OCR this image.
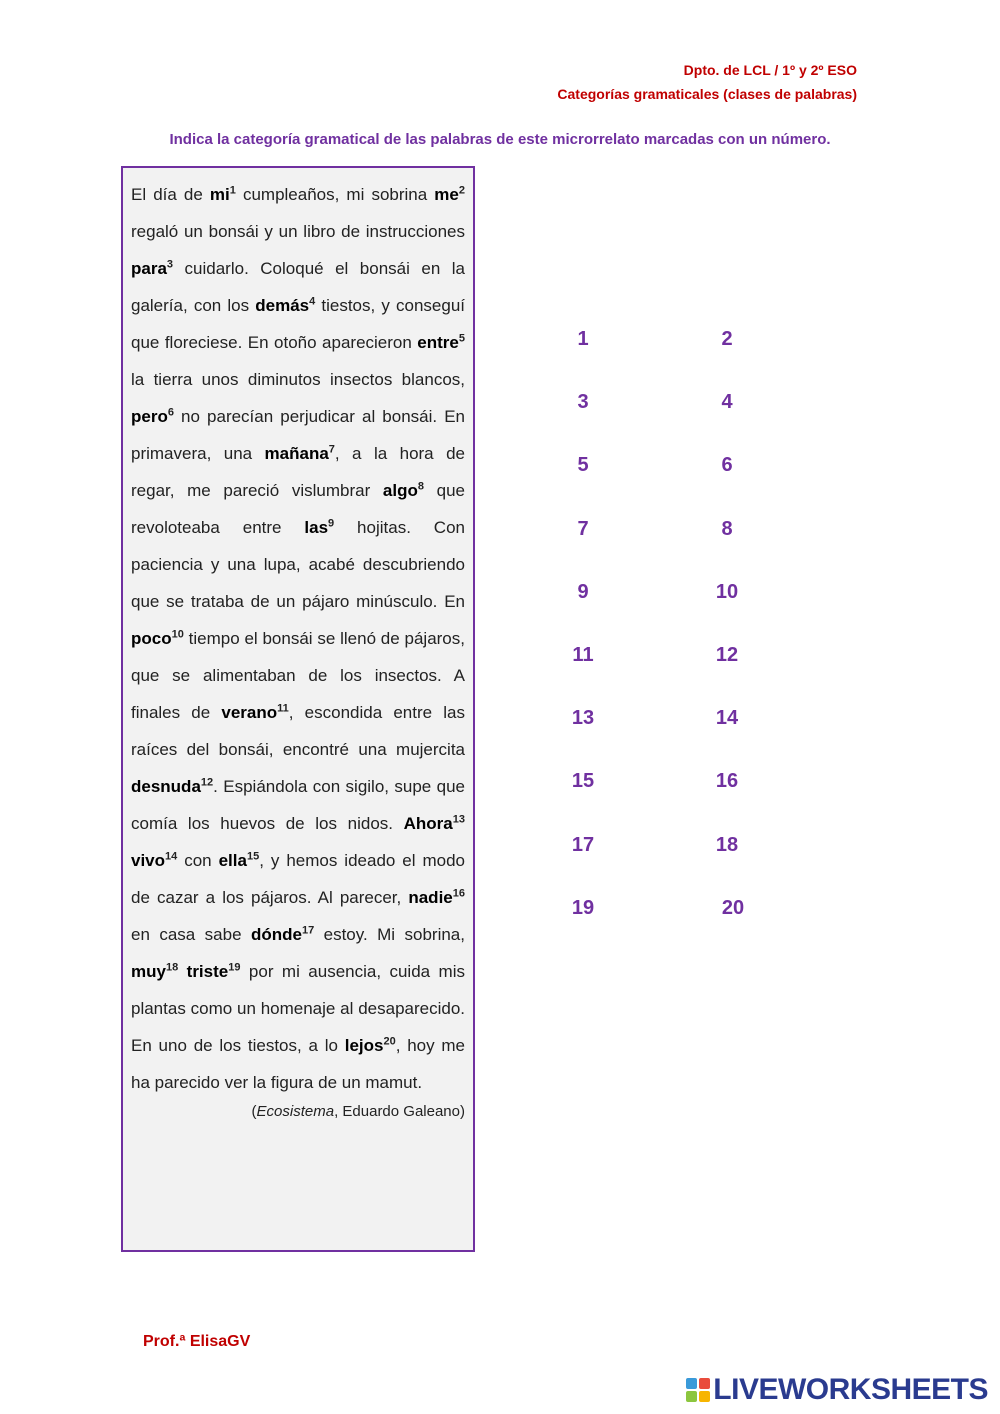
Dpto. de LCL / 1º y 2º ESO
Categorías gramaticales (clases de palabras)
Indica la categoría gramatical de las palabras de este microrrelato marcadas con un número.

El día de $mi^1$ cumpleaños, mi sobrina $me^2$ regaló un bonsái y un libro de instrucciones para$^3$ cuidarlo. Coloqué el bonsái en la galería, con los demás$^4$ tiestos, y conseguí que floreciese. En otoño aparecieron entre$^5$ la tierra unos diminutos insectos blancos, pero$^6$ no parecían perjudicar al bonsái. En primavera, una mañana$^7$, a la hora de regar, me pareció vislumbrar algo$^8$ que revoloteaba entre las$^9$ hojitas. Con paciencia y una lupa, acabé descubriendo que se trataba de un pájaro minúsculo. En poco$^{10}$ tiempo el bonsái se llenó de pájaros, que se alimentaban de los insectos. A finales de verano$^{11}$, escondida entre las raíces del bonsái, encontré una mujercita desnuda$^{12}$. Espiándola con sigilo, supe que comía los huevos de los nidos. Ahora$^{13}$ vivo$^{14}$ con ella$^{15}$, y hemos ideado el modo de cazar a los pájaros. Al parecer, nadie$^{16}$ en casa sabe dónde$^{17}$ estoy. Mi sobrina, muy$^{18}$ triste$^{19}$ por mi ausencia, cuida mis plantas como un homenaje al desaparecido. En uno de los tiestos, a lo lejos$^{20}$, hoy me ha parecido ver la figura de un mamut.

(Ecosistema, Eduardo Galeano)
1	2
3	4
5	6
7	8
9	10
11	12
13	14
15	16
17	18
19	20
Prof.ª ElisaGV
LIVEWORKSHEETS
